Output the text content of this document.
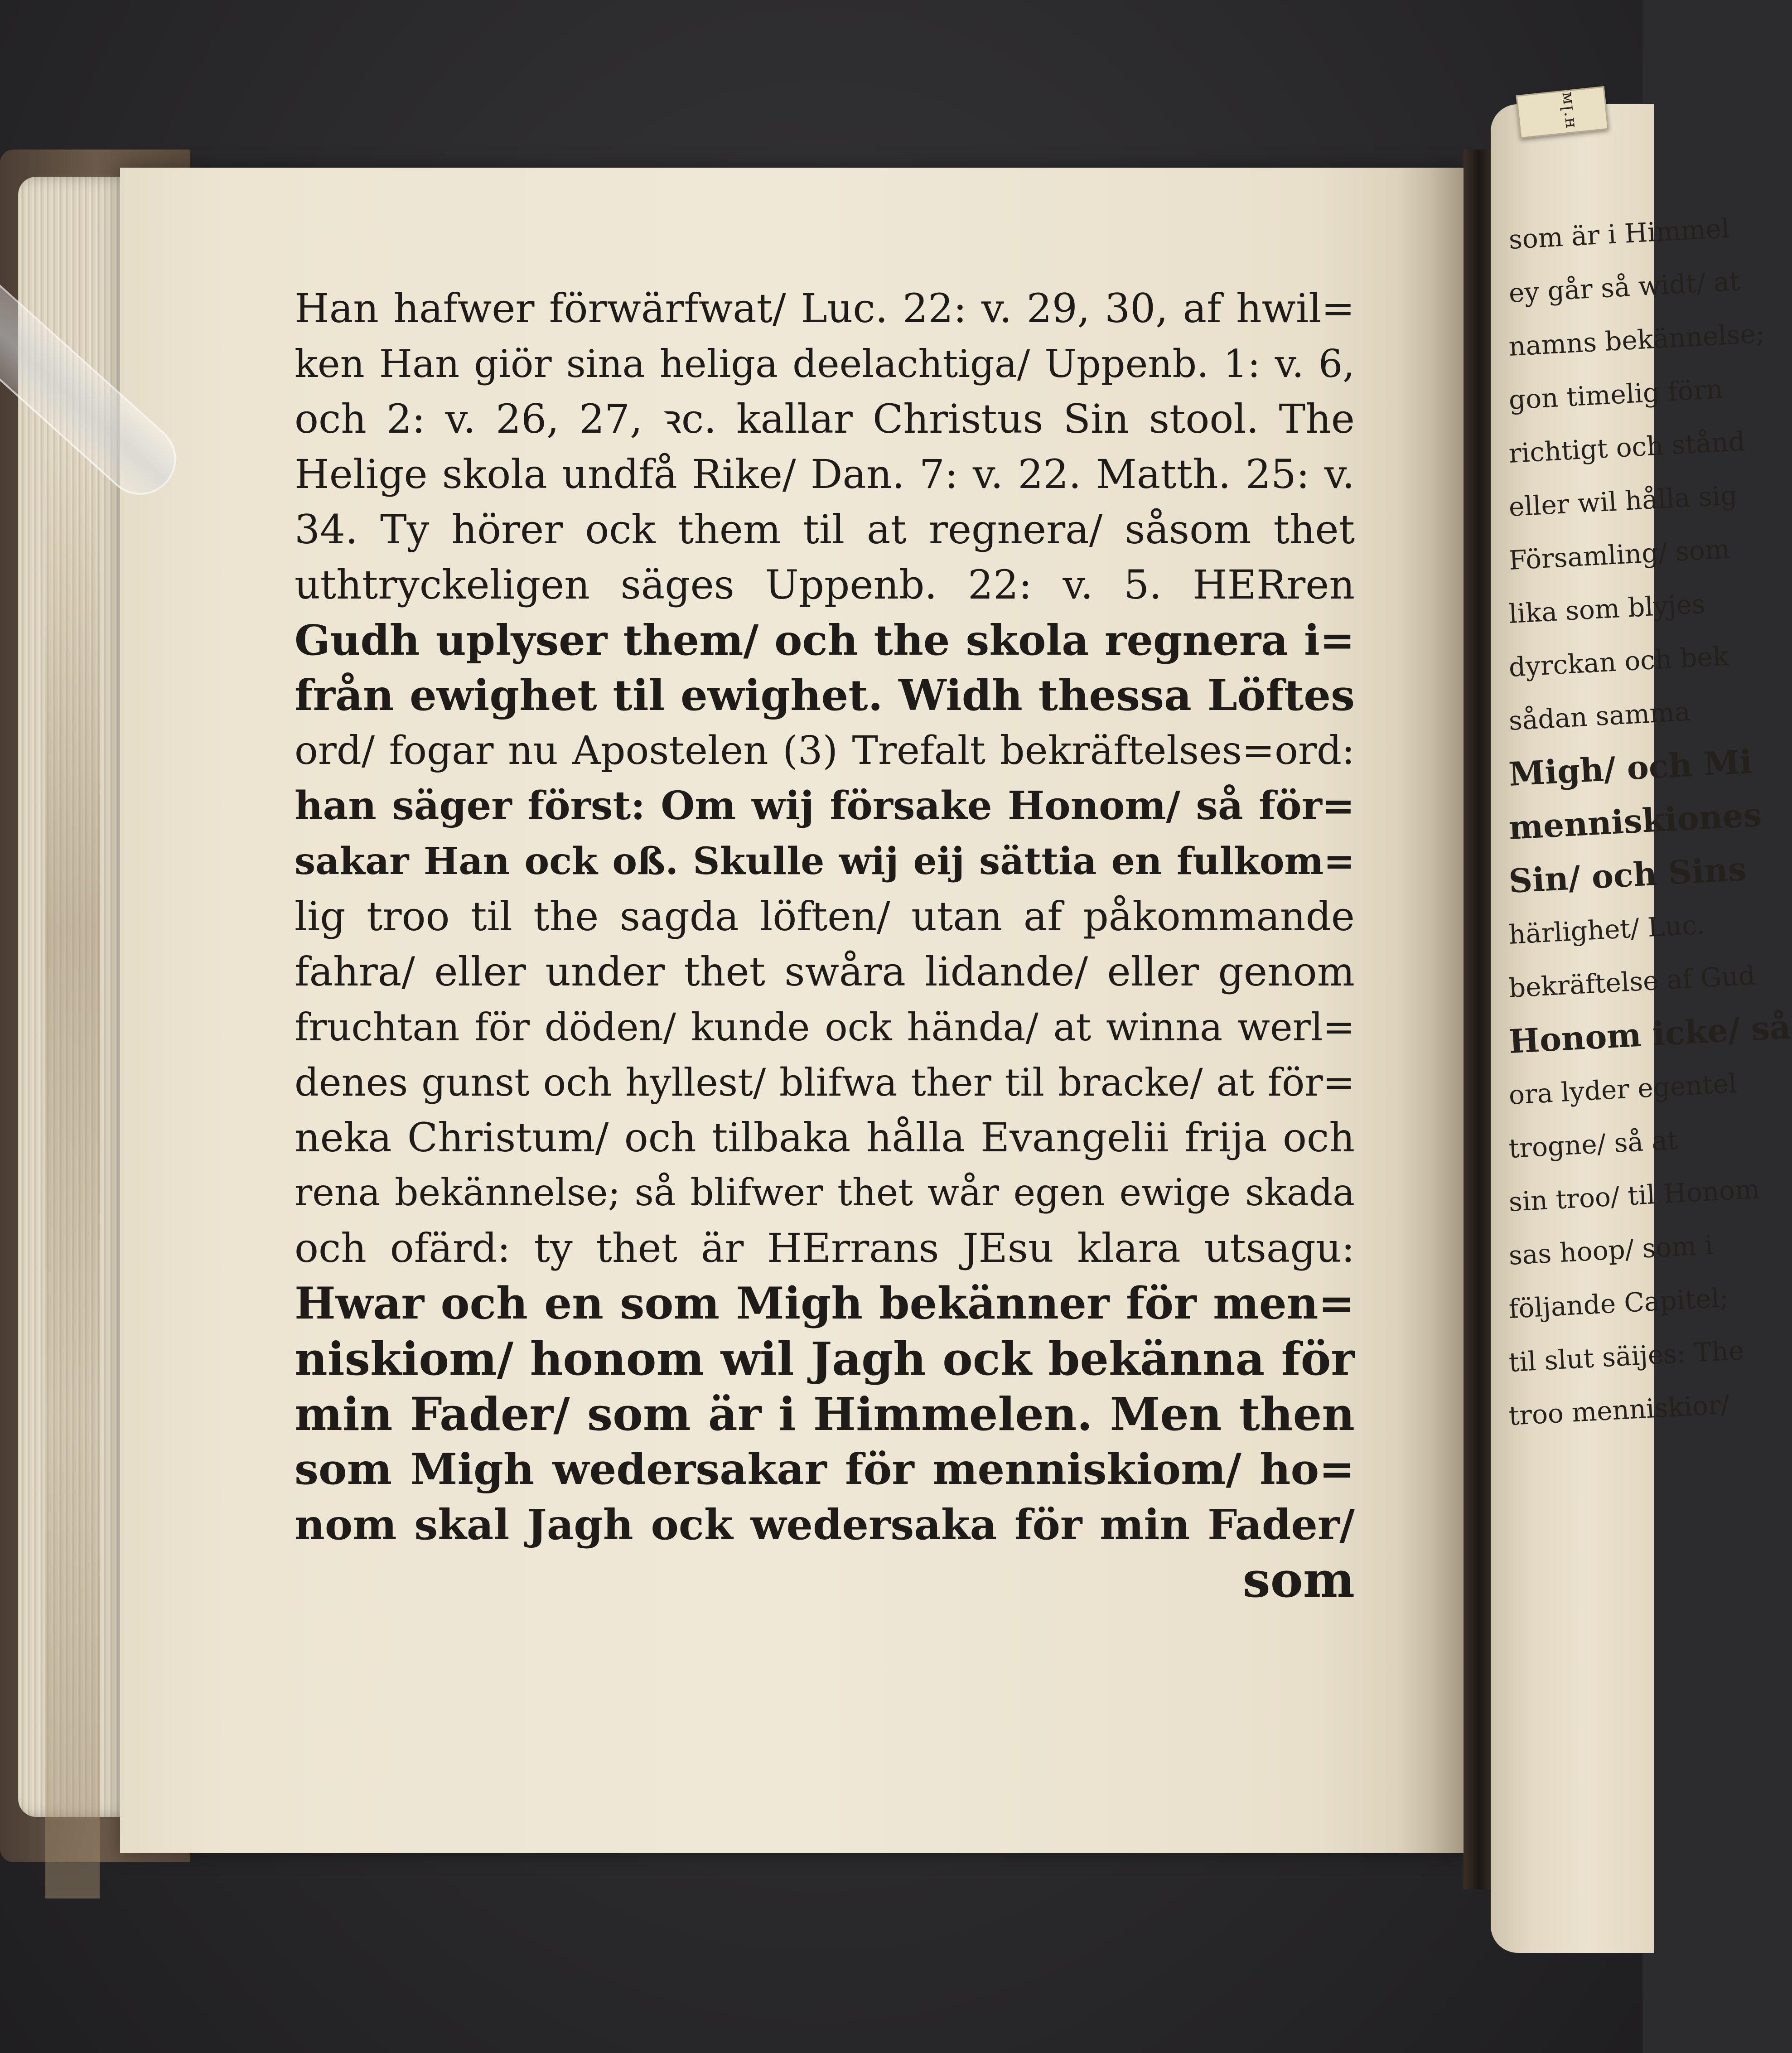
ᴍꞁ.ʜ
Han hafwer förwärfwat/ Luc. 22: v. 29, 30, af hwil=
ken Han giör sina heliga deelachtiga/ Uppenb. 1: v. 6,
och 2: v. 26, 27, ꝛc. kallar Christus Sin stool. The
Helige skola undfå Rike/ Dan. 7: v. 22. Matth. 25: v.
34. Ty hörer ock them til at regnera/ såsom thet
uthtryckeligen säges Uppenb. 22: v. 5. HERren
Gudh uplyser them/ och the skola regnera i=
från ewighet til ewighet. Widh thessa Löftes
ord/ fogar nu Apostelen (3) Trefalt bekräftelses=ord:
han säger först: Om wij försake Honom/ så för=
sakar Han ock oß. Skulle wij eij sättia en fulkom=
lig troo til the sagda löften/ utan af påkommande
fahra/ eller under thet swåra lidande/ eller genom
fruchtan för döden/ kunde ock hända/ at winna werl=
denes gunst och hyllest/ blifwa ther til bracke/ at för=
neka Christum/ och tilbaka hålla Evangelii frija och
rena bekännelse; så blifwer thet wår egen ewige skada
och ofärd: ty thet är HErrans JEsu klara utsagu:
Hwar och en som Migh bekänner för men=
niskiom/ honom wil Jagh ock bekänna för
min Fader/ som är i Himmelen. Men then
som Migh wedersakar för menniskiom/ ho=
nom skal Jagh ock wedersaka för min Fader/
som
som är i Himmel
ey går så widt/ at
namns bekännelse;
gon timelig förn
richtigt och stånd
eller wil hålla sig
Församling/ som
lika som blyjes
dyrckan och bek
sådan samma
Migh/ och Mi
menniskiones
Sin/ och Sins
härlighet/ Luc.
bekräftelse af Gud
Honom icke/ så
ora lyder egentel
trogne/ så at
sin troo/ til Honom
sas hoop/ som i
följande Capitel;
til slut säijes: The
troo menniskior/
